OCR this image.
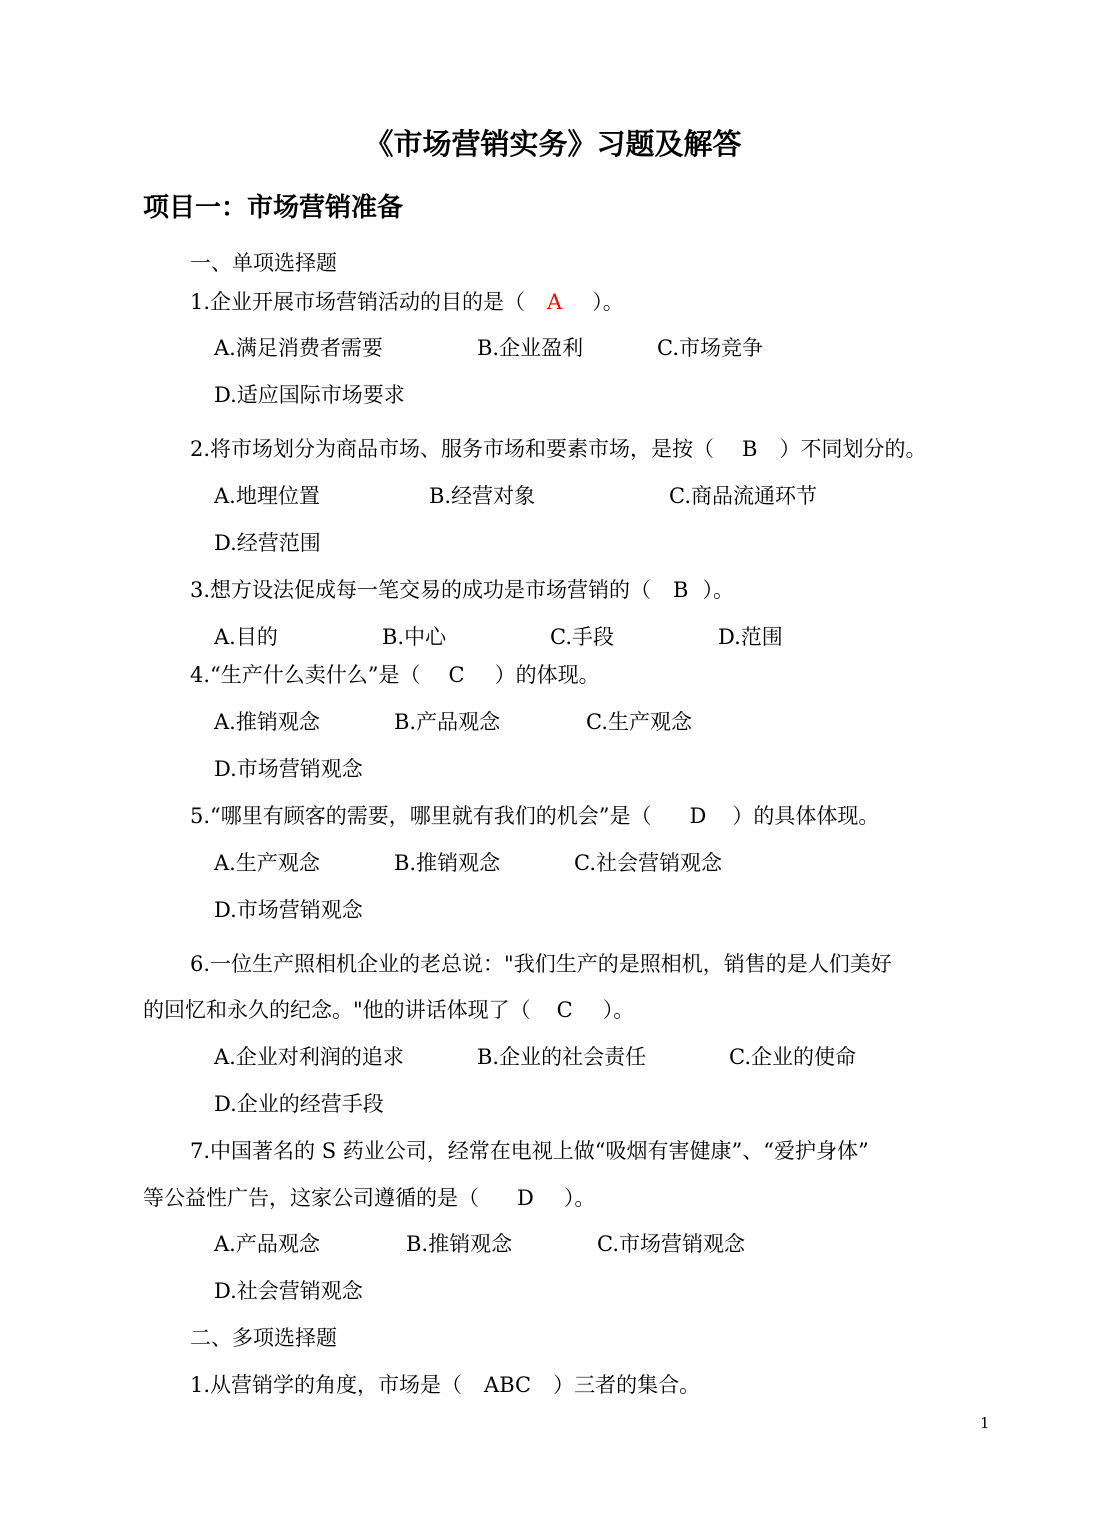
《市场营销实务》习题及解答
项目一：市场营销准备
一、单项选择题
1.企业开展市场营销活动的目的是（ A ）。
A.满足消费者需要	B.企业盈利	C.市场竞争
D.适应国际市场要求
2.将市场划分为商品市场、服务市场和要素市场，是按（ B ）不同划分的。
A.地理位置	B.经营对象	C.商品流通环节
D.经营范围
3.想方设法促成每一笔交易的成功是市场营销的（ B ）。
A.目的	B.中心	C.手段	D.范围
4.“生产什么卖什么”是（ C ）的体现。
A.推销观念	B.产品观念	C.生产观念
D.市场营销观念
5.“哪里有顾客的需要，哪里就有我们的机会”是（ D ）的具体体现。
A.生产观念	B.推销观念	C.社会营销观念
D.市场营销观念
6.一位生产照相机企业的老总说："我们生产的是照相机，销售的是人们美好
的回忆和永久的纪念。"他的讲话体现了（ C ）。
A.企业对利润的追求	B.企业的社会责任	C.企业的使命
D.企业的经营手段
7.中国著名的 S 药业公司，经常在电视上做“吸烟有害健康”、“爱护身体”
等公益性广告，这家公司遵循的是（ D ）。
A.产品观念	B.推销观念	C.市场营销观念
D.社会营销观念
二、多项选择题
1.从营销学的角度，市场是（ ABC ）三者的集合。
1
